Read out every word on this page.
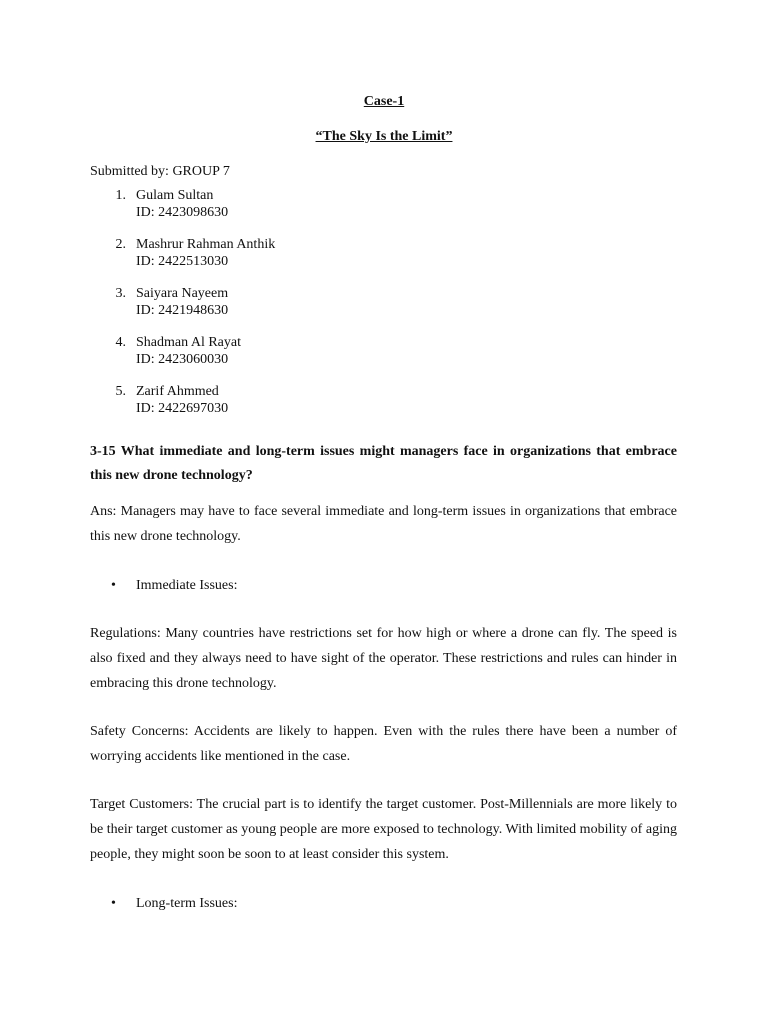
Case-1
“The Sky Is the Limit”
Submitted by: GROUP 7
1. Gulam Sultan
ID: 2423098630
2. Mashrur Rahman Anthik
ID: 2422513030
3. Saiyara Nayeem
ID: 2421948630
4. Shadman Al Rayat
ID: 2423060030
5. Zarif Ahmmed
ID: 2422697030
3-15 What immediate and long-term issues might managers face in organizations that embrace this new drone technology?
Ans: Managers may have to face several immediate and long-term issues in organizations that embrace this new drone technology.
• Immediate Issues:
Regulations: Many countries have restrictions set for how high or where a drone can fly. The speed is also fixed and they always need to have sight of the operator. These restrictions and rules can hinder in embracing this drone technology.
Safety Concerns: Accidents are likely to happen. Even with the rules there have been a number of worrying accidents like mentioned in the case.
Target Customers: The crucial part is to identify the target customer. Post-Millennials are more likely to be their target customer as young people are more exposed to technology. With limited mobility of aging people, they might soon be soon to at least consider this system.
• Long-term Issues:
